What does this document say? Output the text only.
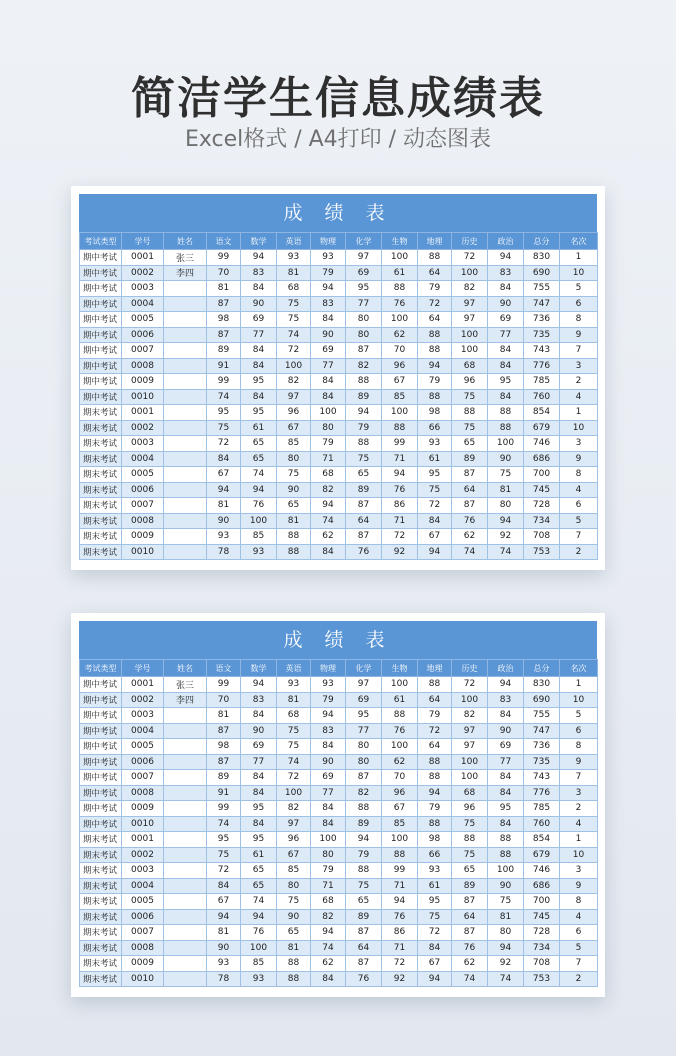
简洁学生信息成绩表
Excel格式 / A4打印 / 动态图表
成 绩 表
考试类型	学号	姓名	语文	数学	英语	物理	化学	生物	地理	历史	政治	总分	名次
期中考试	0001	张三	99	94	93	93	97	100	88	72	94	830	1
期中考试	0002	李四	70	83	81	79	69	61	64	100	83	690	10
期中考试	0003		81	84	68	94	95	88	79	82	84	755	5
期中考试	0004		87	90	75	83	77	76	72	97	90	747	6
期中考试	0005		98	69	75	84	80	100	64	97	69	736	8
期中考试	0006		87	77	74	90	80	62	88	100	77	735	9
期中考试	0007		89	84	72	69	87	70	88	100	84	743	7
期中考试	0008		91	84	100	77	82	96	94	68	84	776	3
期中考试	0009		99	95	82	84	88	67	79	96	95	785	2
期中考试	0010		74	84	97	84	89	85	88	75	84	760	4
期末考试	0001		95	95	96	100	94	100	98	88	88	854	1
期末考试	0002		75	61	67	80	79	88	66	75	88	679	10
期末考试	0003		72	65	85	79	88	99	93	65	100	746	3
期末考试	0004		84	65	80	71	75	71	61	89	90	686	9
期末考试	0005		67	74	75	68	65	94	95	87	75	700	8
期末考试	0006		94	94	90	82	89	76	75	64	81	745	4
期末考试	0007		81	76	65	94	87	86	72	87	80	728	6
期末考试	0008		90	100	81	74	64	71	84	76	94	734	5
期末考试	0009		93	85	88	62	87	72	67	62	92	708	7
期末考试	0010		78	93	88	84	76	92	94	74	74	753	2
成 绩 表
考试类型	学号	姓名	语文	数学	英语	物理	化学	生物	地理	历史	政治	总分	名次
期中考试	0001	张三	99	94	93	93	97	100	88	72	94	830	1
期中考试	0002	李四	70	83	81	79	69	61	64	100	83	690	10
期中考试	0003		81	84	68	94	95	88	79	82	84	755	5
期中考试	0004		87	90	75	83	77	76	72	97	90	747	6
期中考试	0005		98	69	75	84	80	100	64	97	69	736	8
期中考试	0006		87	77	74	90	80	62	88	100	77	735	9
期中考试	0007		89	84	72	69	87	70	88	100	84	743	7
期中考试	0008		91	84	100	77	82	96	94	68	84	776	3
期中考试	0009		99	95	82	84	88	67	79	96	95	785	2
期中考试	0010		74	84	97	84	89	85	88	75	84	760	4
期末考试	0001		95	95	96	100	94	100	98	88	88	854	1
期末考试	0002		75	61	67	80	79	88	66	75	88	679	10
期末考试	0003		72	65	85	79	88	99	93	65	100	746	3
期末考试	0004		84	65	80	71	75	71	61	89	90	686	9
期末考试	0005		67	74	75	68	65	94	95	87	75	700	8
期末考试	0006		94	94	90	82	89	76	75	64	81	745	4
期末考试	0007		81	76	65	94	87	86	72	87	80	728	6
期末考试	0008		90	100	81	74	64	71	84	76	94	734	5
期末考试	0009		93	85	88	62	87	72	67	62	92	708	7
期末考试	0010		78	93	88	84	76	92	94	74	74	753	2
